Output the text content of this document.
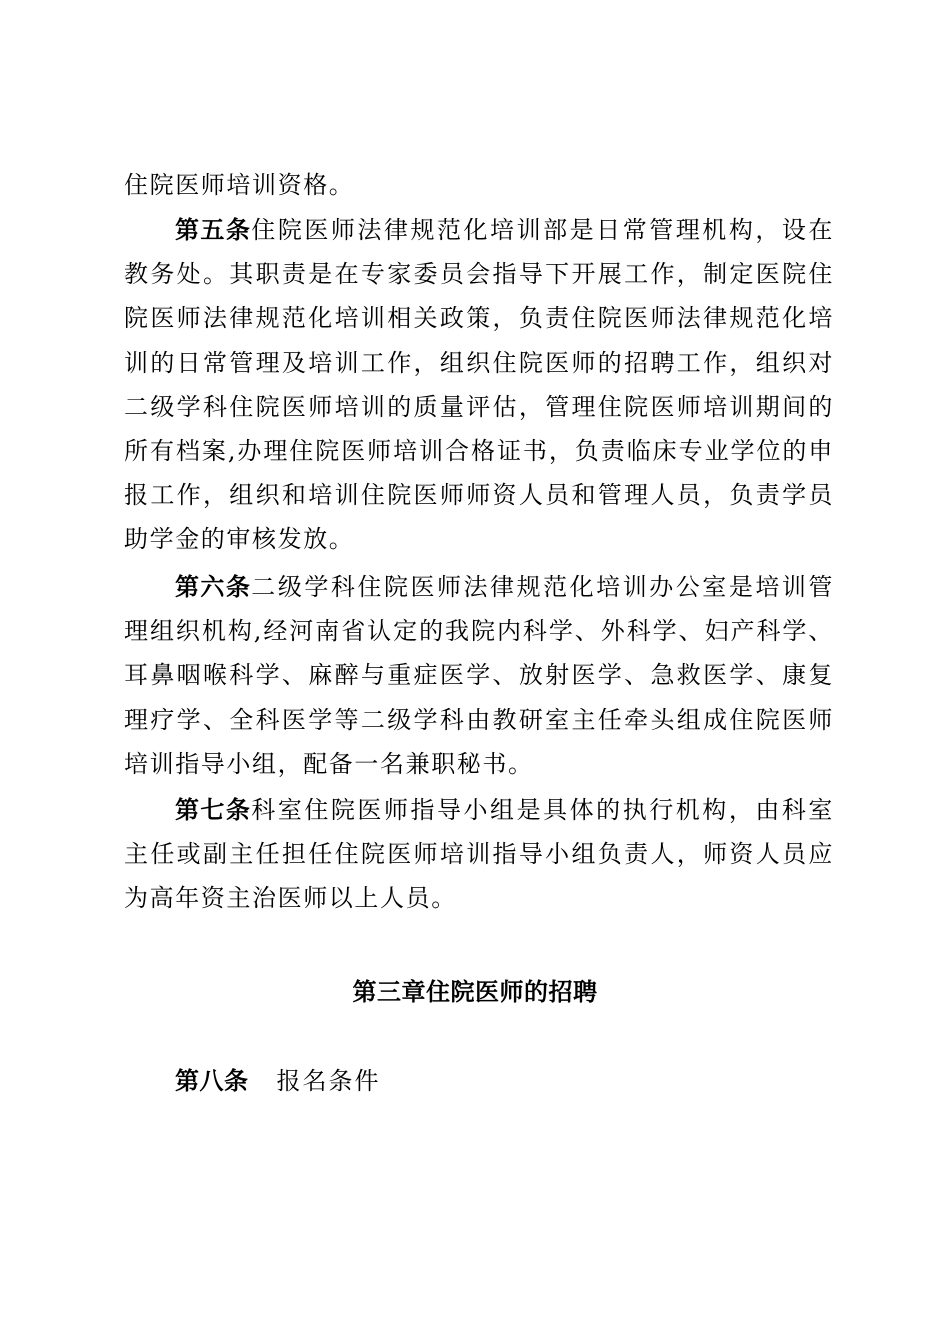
住院医师培训资格。
第五条住院医师法律规范化培训部是日常管理机构，设在教务处。其职责是在专家委员会指导下开展工作，制定医院住院医师法律规范化培训相关政策，负责住院医师法律规范化培训的日常管理及培训工作，组织住院医师的招聘工作，组织对二级学科住院医师培训的质量评估，管理住院医师培训期间的所有档案,办理住院医师培训合格证书，负责临床专业学位的申报工作，组织和培训住院医师师资人员和管理人员，负责学员助学金的审核发放。
第六条二级学科住院医师法律规范化培训办公室是培训管理组织机构,经河南省认定的我院内科学、外科学、妇产科学、耳鼻咽喉科学、麻醉与重症医学、放射医学、急救医学、康复理疗学、全科医学等二级学科由教研室主任牵头组成住院医师培训指导小组，配备一名兼职秘书。
第七条科室住院医师指导小组是具体的执行机构，由科室主任或副主任担任住院医师培训指导小组负责人，师资人员应为高年资主治医师以上人员。
第三章住院医师的招聘
第八条 报名条件
